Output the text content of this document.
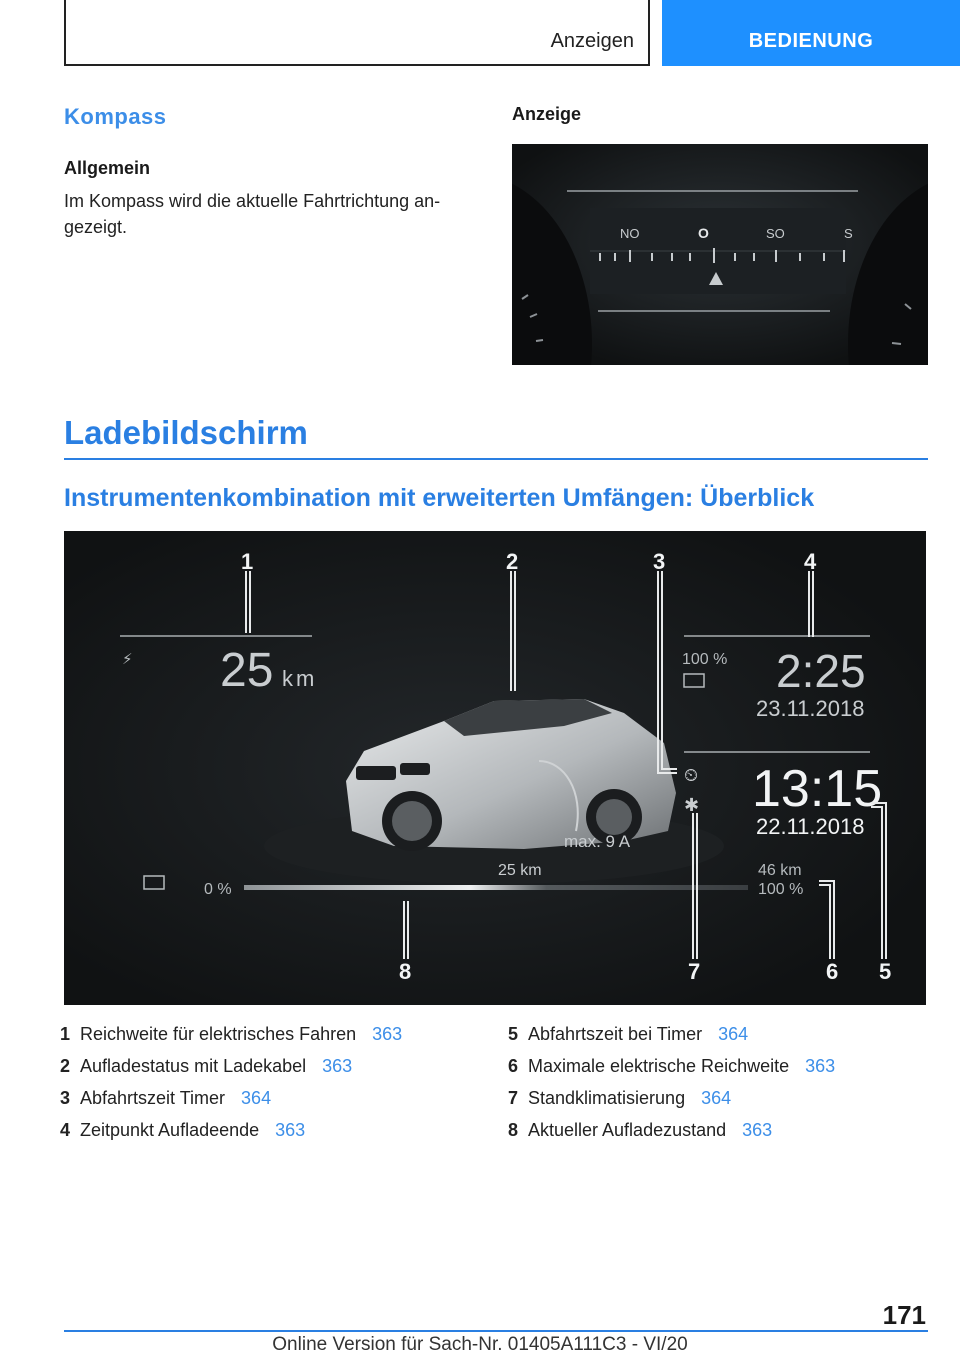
Anzeigen	BEDIENUNG
Kompass
Allgemein
Im Kompass wird die aktuelle Fahrtrichtung an-gezeigt.
Anzeige
NO	O	SO	S
Ladebildschirm
Instrumentenkombination mit erweiterten Umfängen: Überblick
⚡ 25 km
100 % 2:25
23.11.2018
⏲
✱ 13:15
22.11.2018
max. 9 A
0 %
25 km	46 km
100 %
1	2	3	4
5
6
7
8
1 Reichweite für elektrisches Fahren 363
2 Aufladestatus mit Ladekabel 363
3 Abfahrtszeit Timer 364
4 Zeitpunkt Aufladeende 363
5 Abfahrtszeit bei Timer 364
6 Maximale elektrische Reichweite 363
7 Standklimatisierung 364
8 Aktueller Aufladezustand 363
171
Online Version für Sach-Nr. 01405A111C3 - VI/20
